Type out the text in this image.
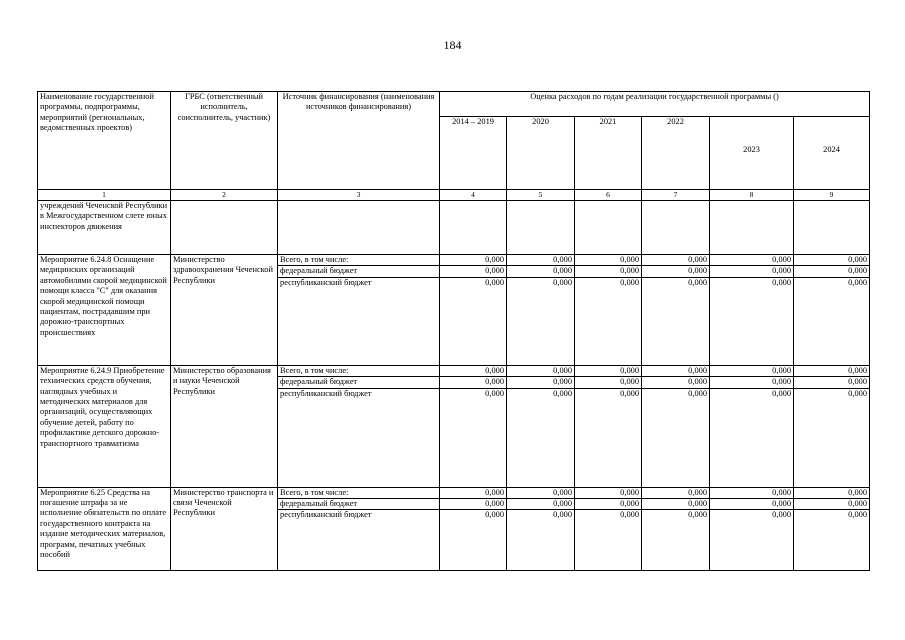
184
Наименование государственной программы, подпрограммы, мероприятий (региональных, ведомственных проектов)	ГРБС (ответственный исполнитель, соисполнитель, участник)	Источник финансирования (наименования источников финансирования)	Оценка расходов по годам реализации государственной программы ()					
			2014 – 2019	2020	2021	2022	2023	2024
1	2	3	4	5	6	7	8	9
учреждений Чеченской Республики в Межгосударственном слете юных инспекторов движения								
Мероприятие 6.24.8 Оснащение медицинских организаций автомобилями скорой медицинской помощи класса "С" для оказания скорой медицинской помощи пациентам, пострадавшим при дорожно-транспортных происшествиях	Министерство здравоохранения Чеченской Республики	Всего, в том числе:	0,000	0,000	0,000	0,000	0,000	0,000
		федеральный бюджет	0,000	0,000	0,000	0,000	0,000	0,000
		республиканский бюджет	0,000	0,000	0,000	0,000	0,000	0,000
Мероприятие 6.24.9 Приобретение технических средств обучения, наглядных учебных и методических материалов для организаций, осуществляющих обучение детей, работу по профилактике детского дорожно-транспортного травматизма	Министерство образования и науки Чеченской Республики	Всего, в том числе:	0,000	0,000	0,000	0,000	0,000	0,000
		федеральный бюджет	0,000	0,000	0,000	0,000	0,000	0,000
		республиканский бюджет	0,000	0,000	0,000	0,000	0,000	0,000
Мероприятие 6.25 Средства на погашение штрафа за не исполнение обязательств по оплате государственного контракта на издание методических материалов, программ, печатных учебных пособий	Министерство транспорта и связи Чеченской Республики	Всего, в том числе:	0,000	0,000	0,000	0,000	0,000	0,000
		федеральный бюджет	0,000	0,000	0,000	0,000	0,000	0,000
		республиканский бюджет	0,000	0,000	0,000	0,000	0,000	0,000
